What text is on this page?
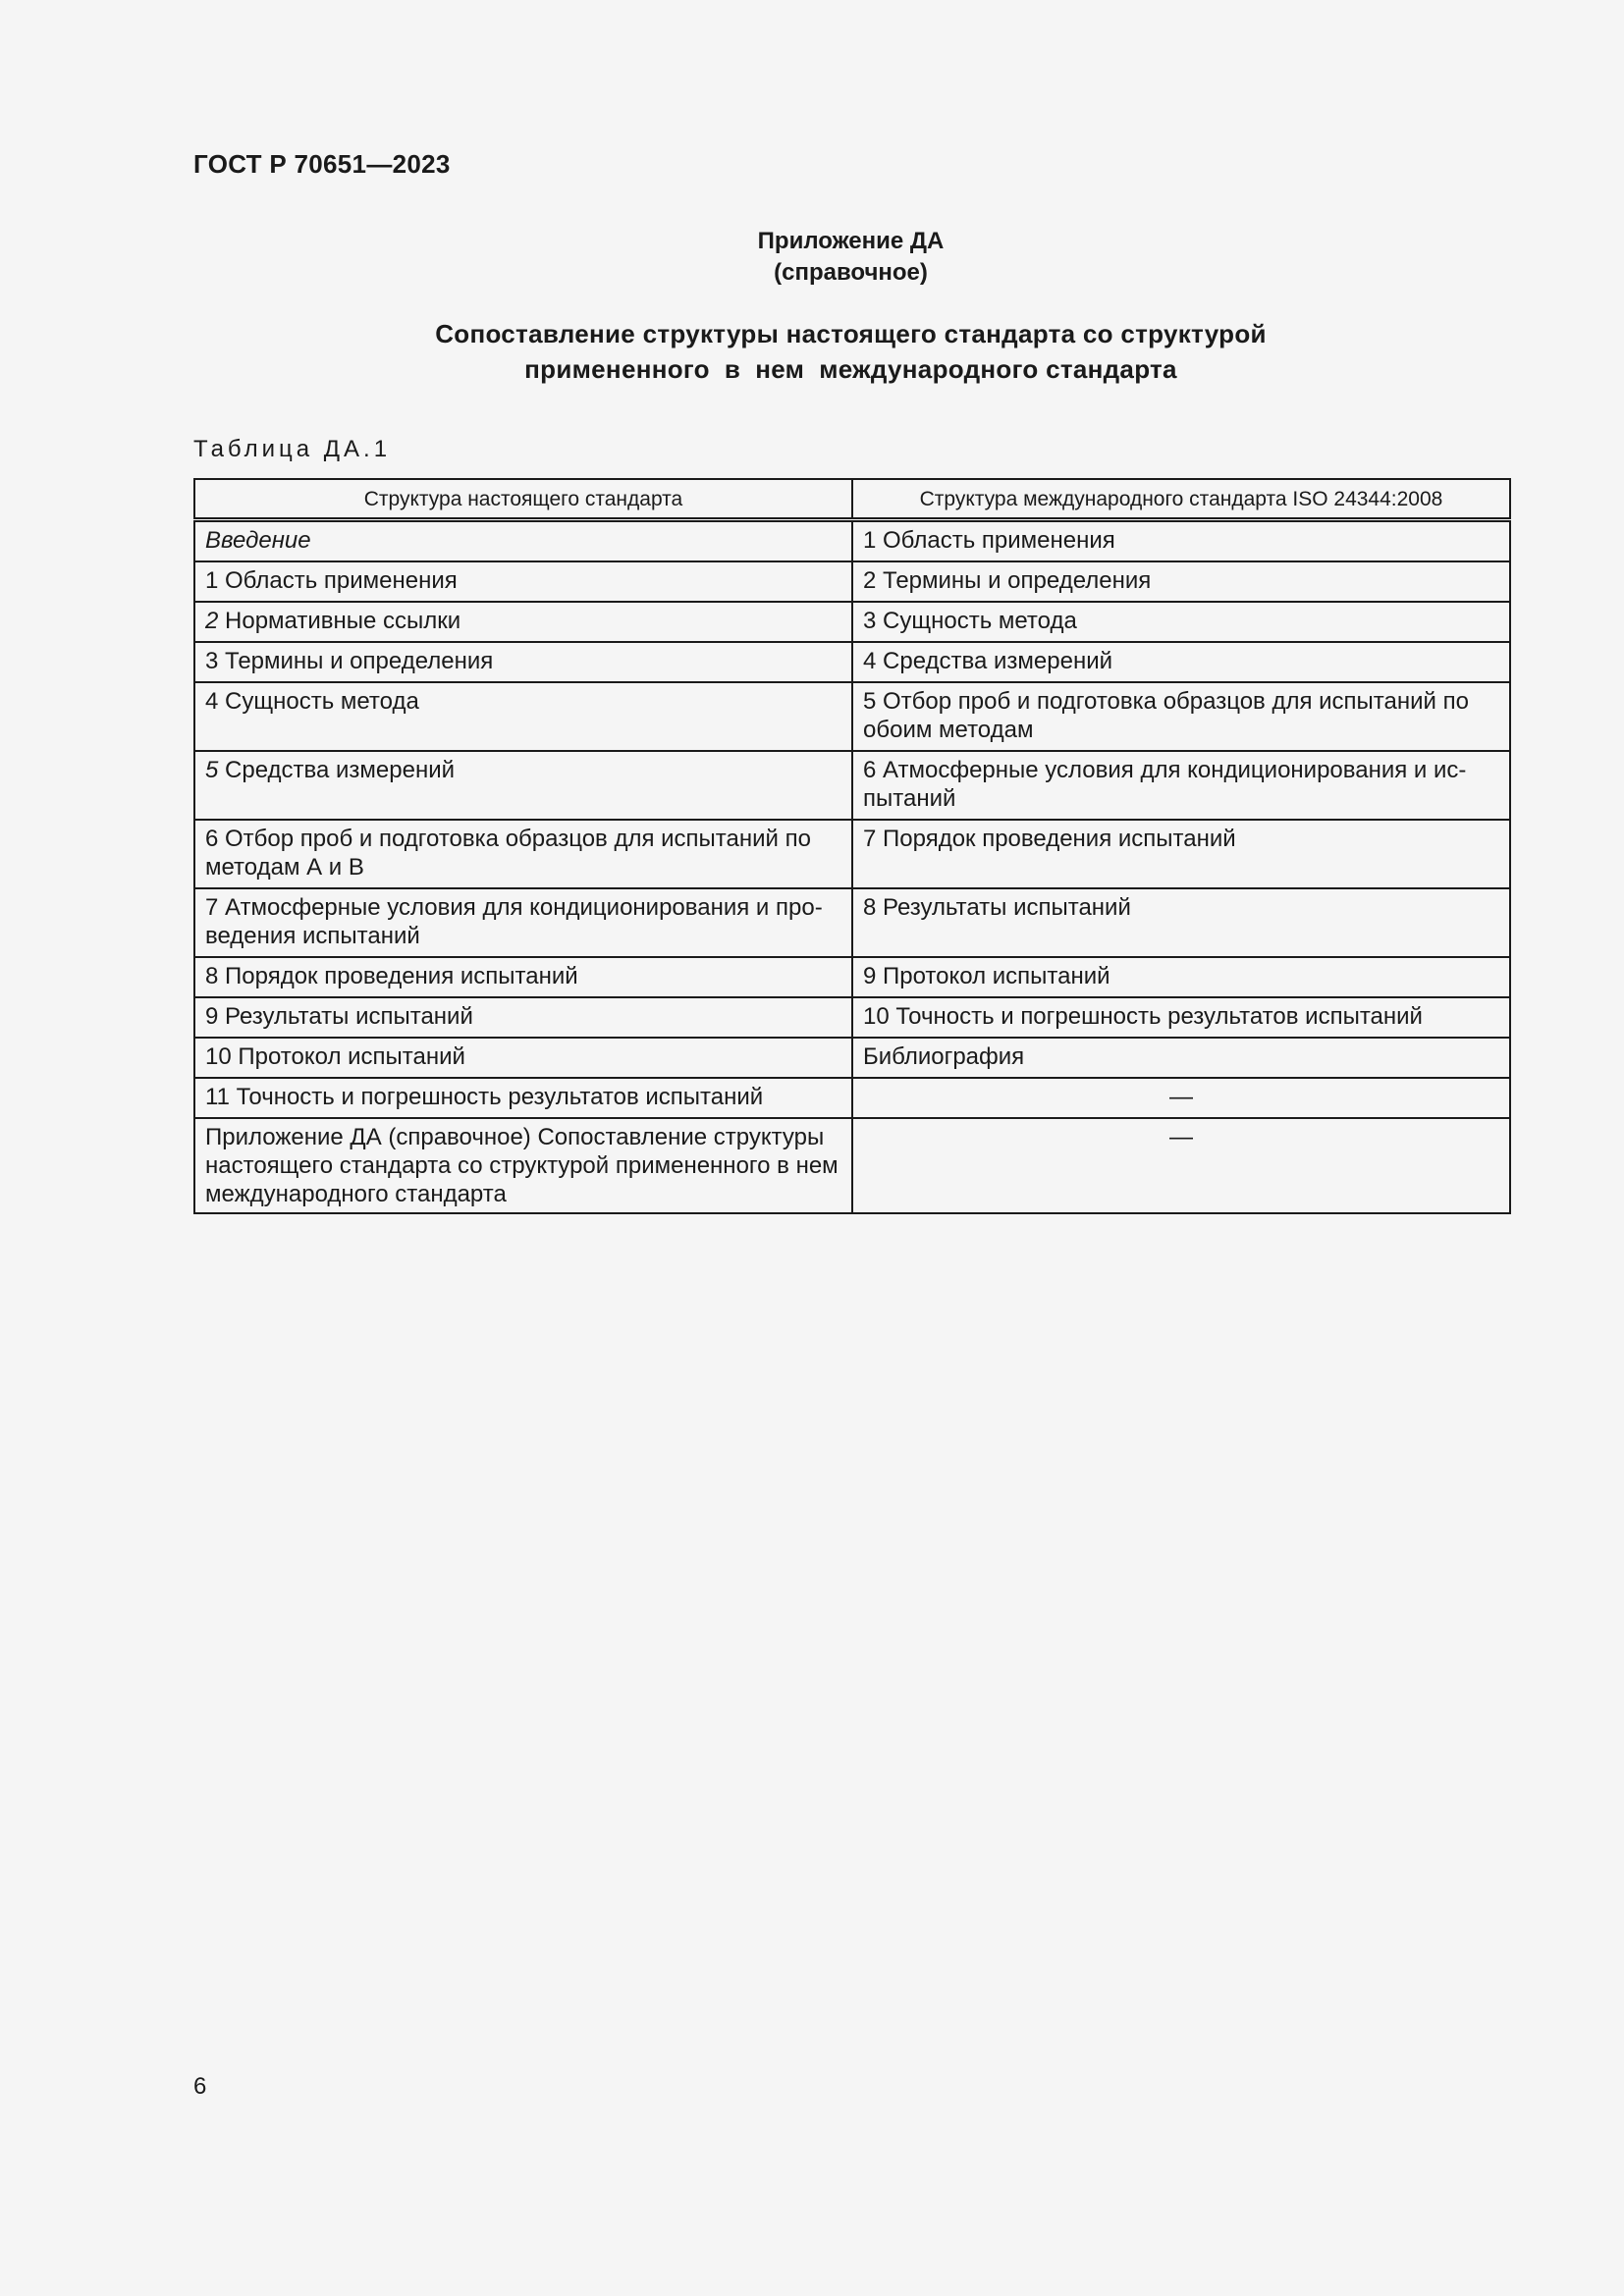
ГОСТ Р 70651—2023
Приложение ДА
(справочное)
Сопоставление структуры настоящего стандарта со структурой
примененного  в  нем  международного стандарта
Таблица ДА.1
Структура настоящего стандарта	Структура международного стандарта ISO 24344:2008
Введение	1 Область применения
1 Область применения	2 Термины и определения
2 Нормативные ссылки	3 Сущность метода
3 Термины и определения	4 Средства измерений
4 Сущность метода	5 Отбор проб и подготовка образцов для испытаний по обоим методам
5 Средства измерений	6 Атмосферные условия для кондиционирования и испытаний
6 Отбор проб и подготовка образцов для испытаний по методам А и В	7 Порядок проведения испытаний
7 Атмосферные условия для кондиционирования и проведения испытаний	8 Результаты испытаний
8 Порядок проведения испытаний	9 Протокол испытаний
9 Результаты испытаний	10 Точность и погрешность результатов испытаний
10 Протокол испытаний	Библиография
11 Точность и погрешность результатов испытаний	—
Приложение ДА (справочное) Сопоставление структуры настоящего стандарта со структурой примененного в нем международного стандарта	—
6
